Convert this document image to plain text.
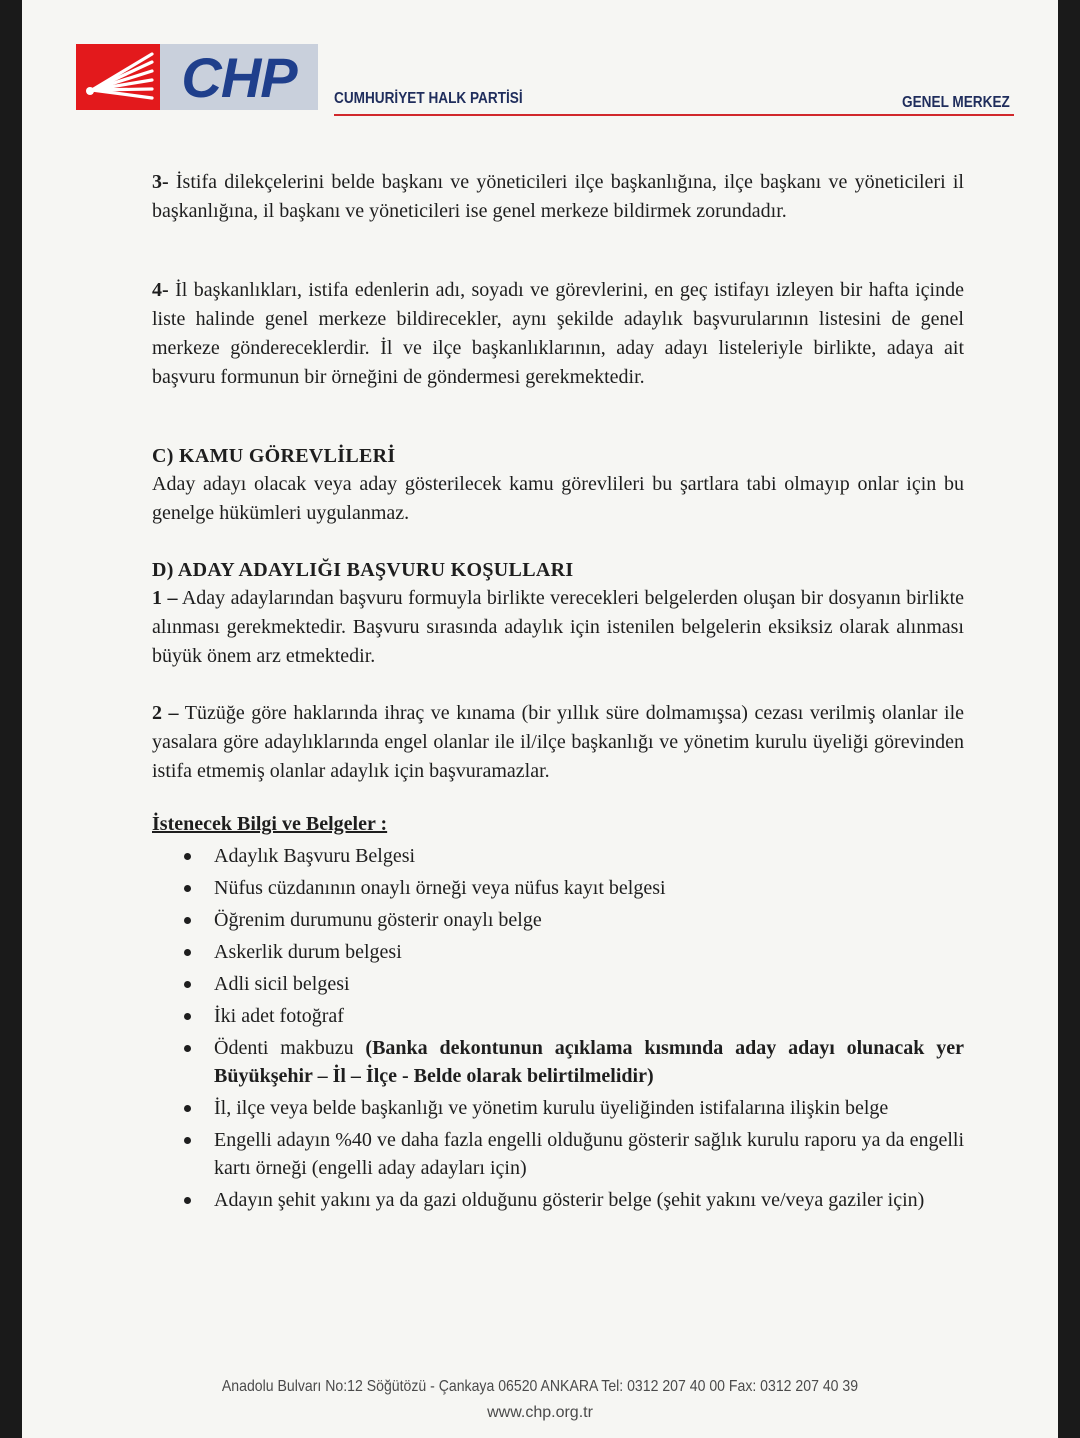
CHP	CUMHURİYET HALK PARTİSİ	GENEL MERKEZ

3- İstifa dilekçelerini belde başkanı ve yöneticileri ilçe başkanlığına, ilçe başkanı ve yöneticileri il başkanlığına, il başkanı ve yöneticileri ise genel merkeze bildirmek zorundadır.

4- İl başkanlıkları, istifa edenlerin adı, soyadı ve görevlerini, en geç istifayı izleyen bir hafta içinde liste halinde genel merkeze bildirecekler, aynı şekilde adaylık başvurularının listesini de genel merkeze göndereceklerdir. İl ve ilçe başkanlıklarının, aday adayı listeleriyle birlikte, adaya ait başvuru formunun bir örneğini de göndermesi gerekmektedir.

C) KAMU GÖREVLİLERİ

Aday adayı olacak veya aday gösterilecek kamu görevlileri bu şartlara tabi olmayıp onlar için bu genelge hükümleri uygulanmaz.

D) ADAY ADAYLIĞI BAŞVURU KOŞULLARI

1 – Aday adaylarından başvuru formuyla birlikte verecekleri belgelerden oluşan bir dosyanın birlikte alınması gerekmektedir. Başvuru sırasında adaylık için istenilen belgelerin eksiksiz olarak alınması büyük önem arz etmektedir.

2 – Tüzüğe göre haklarında ihraç ve kınama (bir yıllık süre dolmamışsa) cezası verilmiş olanlar ile yasalara göre adaylıklarında engel olanlar ile il/ilçe başkanlığı ve yönetim kurulu üyeliği görevinden istifa etmemiş olanlar adaylık için başvuramazlar.

İstenecek Bilgi ve Belgeler :
Adaylık Başvuru Belgesi
Nüfus cüzdanının onaylı örneği veya nüfus kayıt belgesi
Öğrenim durumunu gösterir onaylı belge
Askerlik durum belgesi
Adli sicil belgesi
İki adet fotoğraf
Ödenti makbuzu (Banka dekontunun açıklama kısmında aday adayı olunacak yer Büyükşehir – İl – İlçe - Belde olarak belirtilmelidir)
İl, ilçe veya belde başkanlığı ve yönetim kurulu üyeliğinden istifalarına ilişkin belge
Engelli adayın %40 ve daha fazla engelli olduğunu gösterir sağlık kurulu raporu ya da engelli kartı örneği (engelli aday adayları için)
Adayın şehit yakını ya da gazi olduğunu gösterir belge (şehit yakını ve/veya gaziler için)
Anadolu Bulvarı No:12 Söğütözü - Çankaya 06520 ANKARA Tel: 0312 207 40 00 Fax: 0312 207 40 39
www.chp.org.tr
